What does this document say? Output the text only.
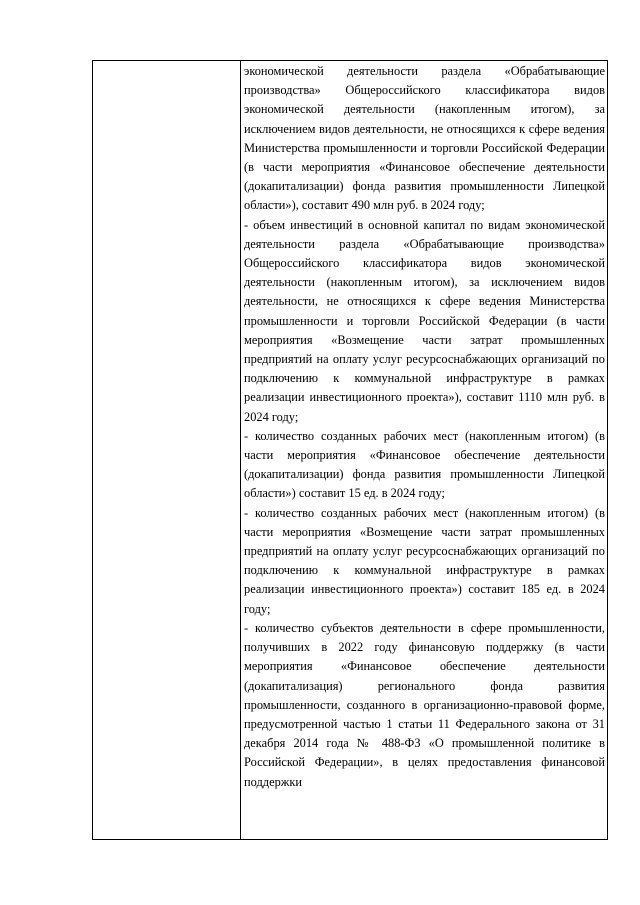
экономической деятельности раздела «Обрабатывающие производства» Общероссийского классификатора видов экономической деятельности (накопленным итогом), за исключением видов деятельности, не относящихся к сфере ведения Министерства промышленности и торговли Российской Федерации (в части мероприятия «Финансовое обеспечение деятельности (докапитализации) фонда развития промышленности Липецкой области»), составит 490 млн руб. в 2024 году;

- объем инвестиций в основной капитал по видам экономической деятельности раздела «Обрабатывающие производства» Общероссийского классификатора видов экономической деятельности (накопленным итогом), за исключением видов деятельности, не относящихся к сфере ведения Министерства промышленности и торговли Российской Федерации (в части мероприятия «Возмещение части затрат промышленных предприятий на оплату услуг ресурсоснабжающих организаций по подключению к коммунальной инфраструктуре в рамках реализации инвестиционного проекта»), составит 1110 млн руб. в 2024 году;

- количество созданных рабочих мест (накопленным итогом) (в части мероприятия «Финансовое обеспечение деятельности (докапитализации) фонда развития промышленности Липецкой области») составит 15 ед. в 2024 году;

- количество созданных рабочих мест (накопленным итогом) (в части мероприятия «Возмещение части затрат промышленных предприятий на оплату услуг ресурсоснабжающих организаций по подключению к коммунальной инфраструктуре в рамках реализации инвестиционного проекта») составит 185 ед. в 2024 году;

- количество субъектов деятельности в сфере промышленности, получивших в 2022 году финансовую поддержку (в части мероприятия «Финансовое обеспечение деятельности (докапитализация) регионального фонда развития промышленности, созданного в организационно-правовой форме, предусмотренной частью 1 статьи 11 Федерального закона от 31 декабря 2014 года № 488-ФЗ «О промышленной политике в Российской Федерации», в целях предоставления финансовой поддержки
